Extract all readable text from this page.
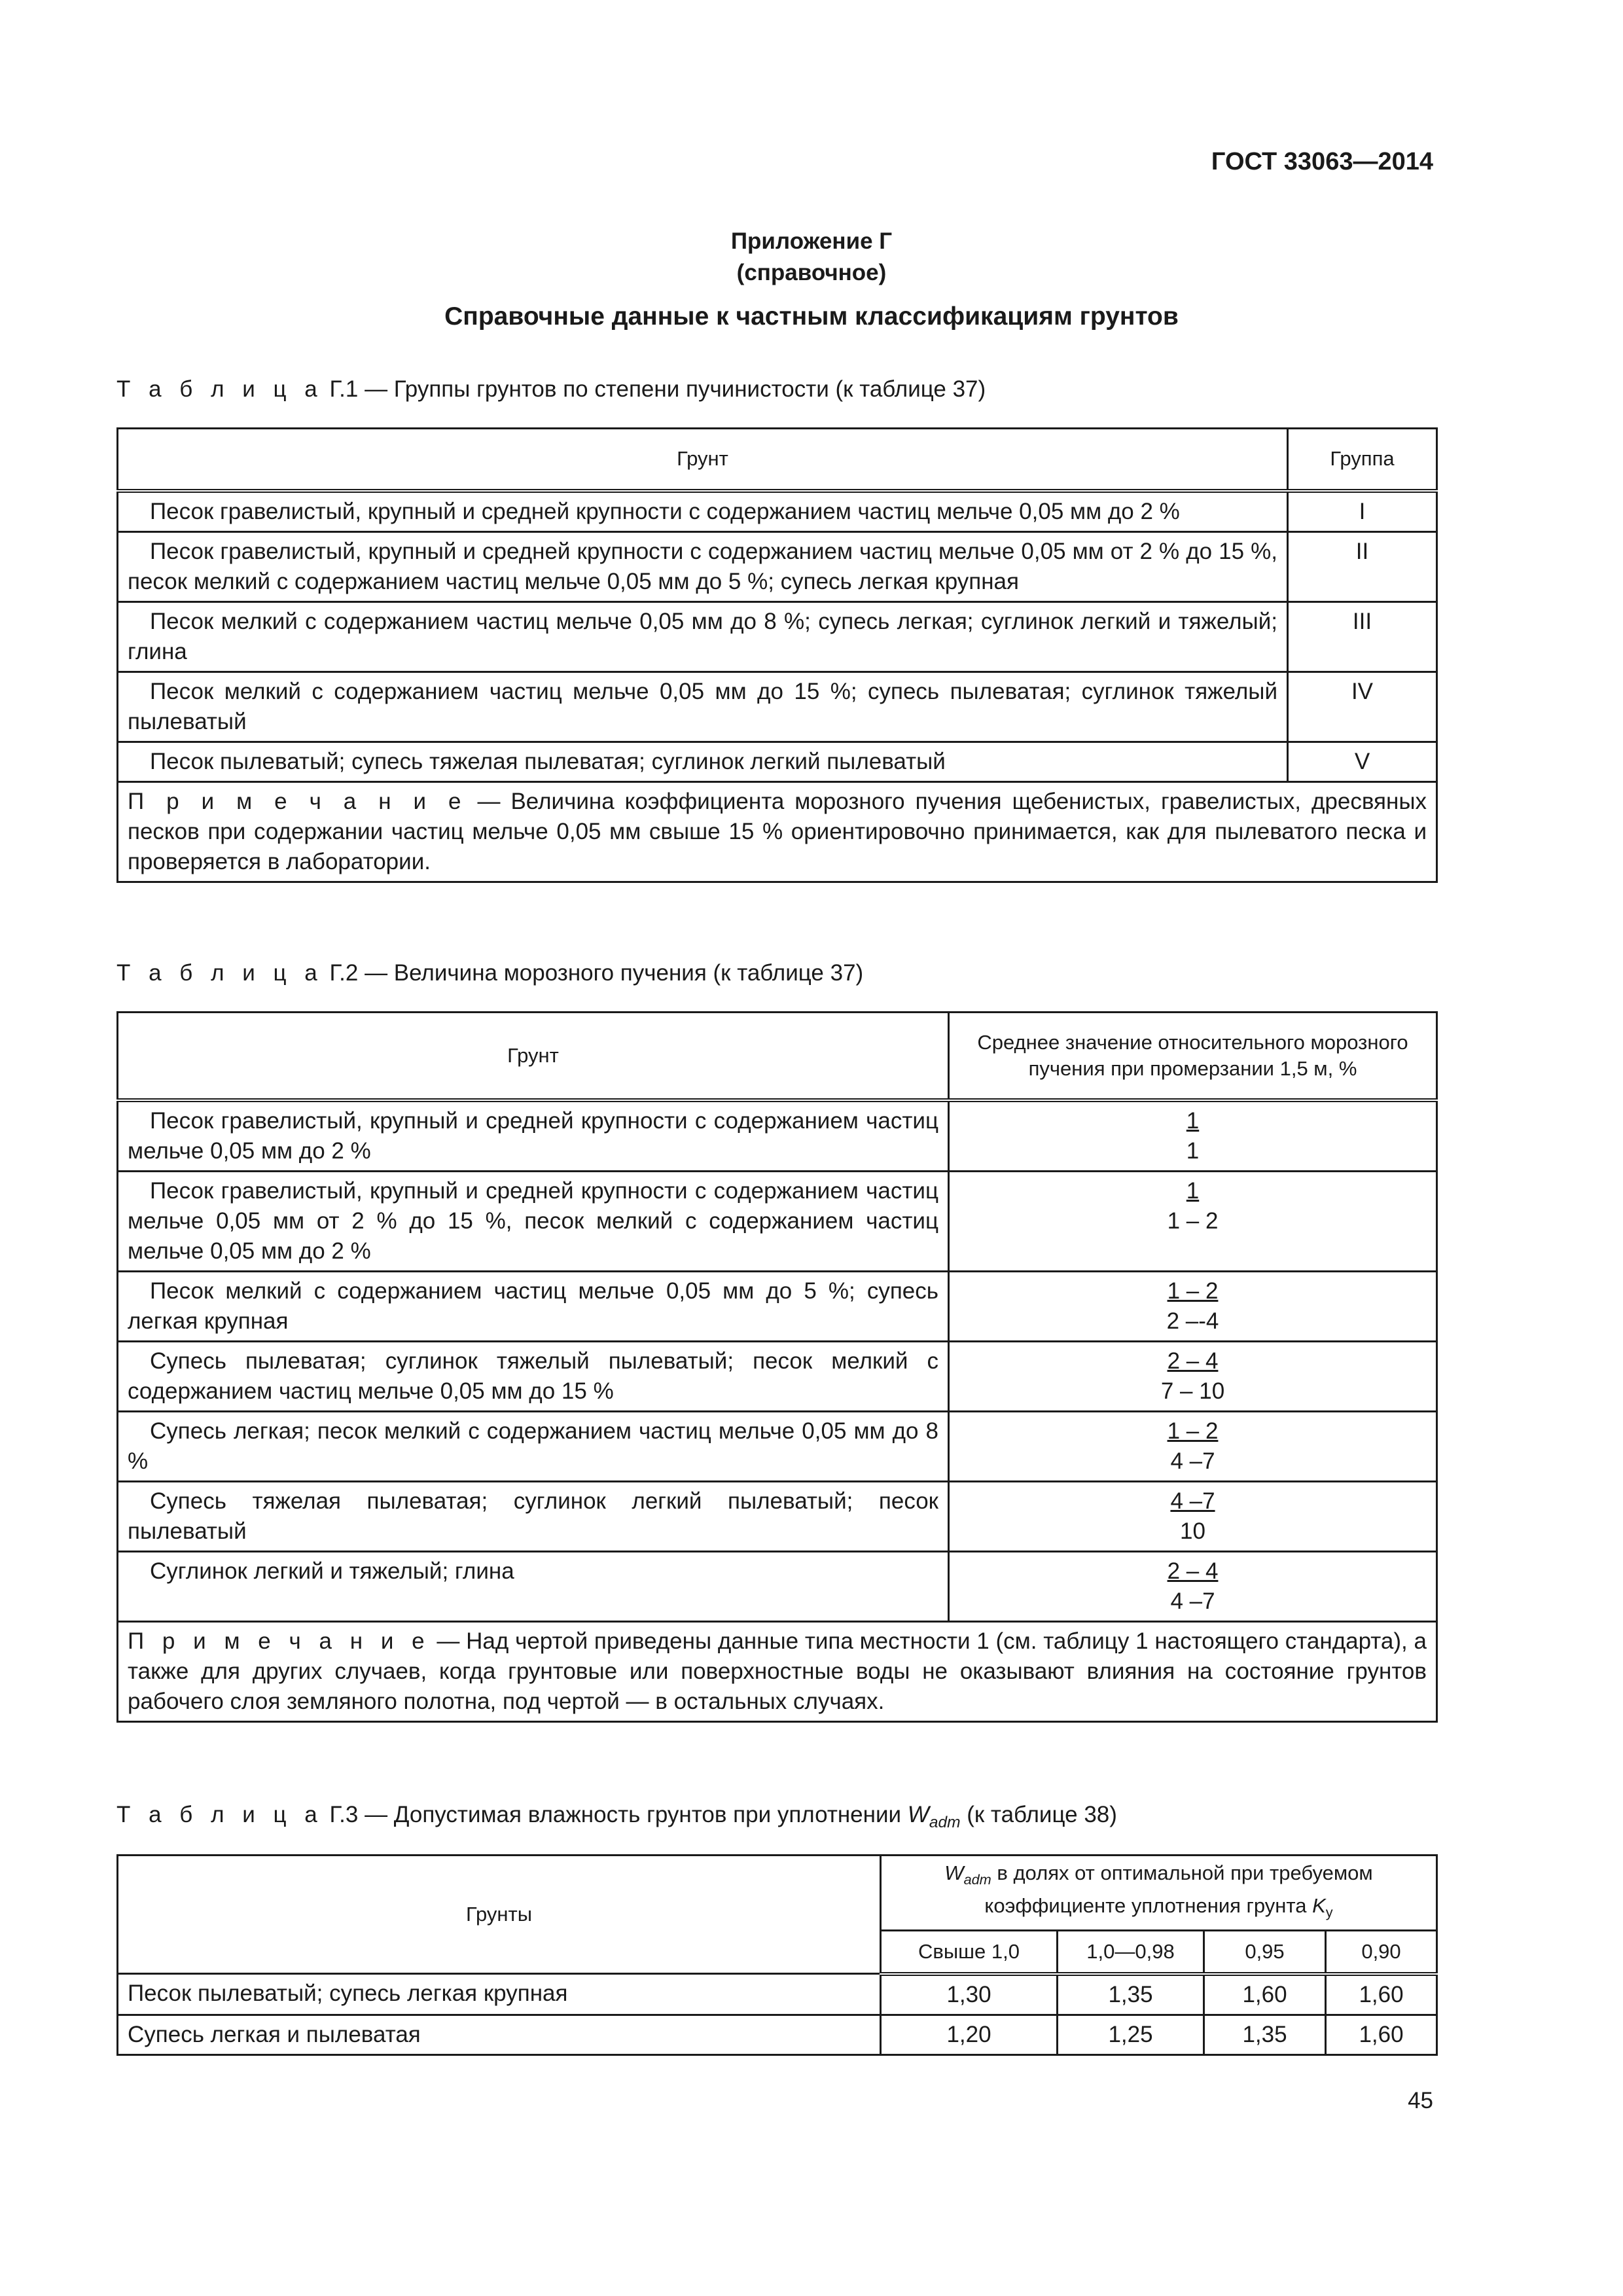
ГОСТ 33063—2014
Приложение Г
(справочное)
Справочные данные к частным классификациям грунтов
Т а б л и ц а Г.1 — Группы грунтов по степени пучинистости (к таблице 37)
Грунт	Группа
Песок гравелистый, крупный и средней крупности с содержанием частиц мельче 0,05 мм до 2 %	I
Песок гравелистый, крупный и средней крупности с содержанием частиц мельче 0,05 мм от 2 % до 15 %, песок мелкий с содержанием частиц мельче 0,05 мм до 5 %; супесь легкая крупная	II
Песок мелкий с содержанием частиц мельче 0,05 мм до 8 %; супесь легкая; суглинок легкий и тяжелый; глина	III
Песок мелкий с содержанием частиц мельче 0,05 мм до 15 %; супесь пылеватая; суглинок тяжелый пылеватый	IV
Песок пылеватый; супесь тяжелая пылеватая; суглинок легкий пылеватый	V
П р и м е ч а н и е — Величина коэффициента морозного пучения щебенистых, гравелистых, дресвяных песков при содержании частиц мельче 0,05 мм свыше 15 % ориентировочно принимается, как для пылеватого песка и проверяется в лаборатории.	
Т а б л и ц а Г.2 — Величина морозного пучения (к таблице 37)
Грунт	Среднее значение относительного морозного пучения при промерзании 1,5 м, %
Песок гравелистый, крупный и средней крупности с содержанием частиц мельче 0,05 мм до 2 %	1
1

Песок гравелистый, крупный и средней крупности с содержанием частиц мельче 0,05 мм от 2 % до 15 %, песок мелкий с содержанием частиц мельче 0,05 мм до 2 %	1
1 – 2

Песок мелкий с содержанием частиц мельче 0,05 мм до 5 %; супесь легкая крупная	1 – 2
2 –-4

Супесь пылеватая; суглинок тяжелый пылеватый; песок мелкий с содержанием частиц мельче 0,05 мм до 15 %	2 – 4
7 – 10

Супесь легкая; песок мелкий с содержанием частиц мельче 0,05 мм до 8 %	1 – 2
4 –7

Супесь тяжелая пылеватая; суглинок легкий пылеватый; песок пылеватый	4 –7
10

Суглинок легкий и тяжелый; глина	2 – 4
4 –7

П р и м е ч а н и е — Над чертой приведены данные типа местности 1 (см. таблицу 1 настоящего стандарта), а также для других случаев, когда грунтовые или поверхностные воды не оказывают влияния на состояние грунтов рабочего слоя земляного полотна, под чертой — в остальных случаях.	
Т а б л и ц а Г.3 — Допустимая влажность грунтов при уплотнении $W_{adm}$ (к таблице 38)
Грунты	$W_{adm}$ в долях от оптимальной при требуемом коэффициенте уплотнения грунта $K_y$
	Свыше 1,0	1,0—0,98	0,95	0,90
Песок пылеватый; супесь легкая крупная	1,30	1,35	1,60	1,60
Супесь легкая и пылеватая	1,20	1,25	1,35	1,60
45
